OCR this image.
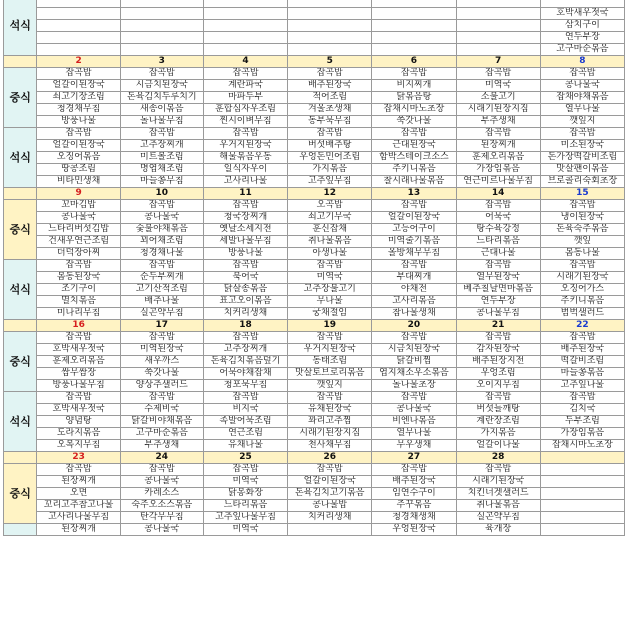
석식							
							호박새우젓국
							삼치구이
							연두부장
							고구마순볶음
	2	3	4	5	6	7	8
중식	잡곡밥	잡곡밥	잡곡밥	잡곡밥	잡곡밥	잡곡밥	잡곡밥
	얼갈이된장국	시금치된장국	계란파국	배추된장국	비지찌개	미역국	콩나물국
	쇠고기장조림	돈육김치두루치기	마파두부	적어조림	닭볶음탕	소불고기	잡채야채볶음
	청경채무침	새송이볶음	훈합심자우조림	겨울초생채	잡채시마노초장	시래기된장지짐	열무나물
	방풍나물	돌나물무침	찐시이벼무침	동부묵무침	쑥갓나물	부추생채	깻잎지
석식	잡곡밥	잡곡밥	잡곡밥	잡곡밥	잡곡밥	잡곡밥	잡곡밥
	얼갈이된장국	고추장찌개	우거지된장국	버섯배추탕	근대된장국	된장찌개	미소된장국
	오징어볶음	미트볼조림	해물볶음우동	우엉돈민어조림	함박스테이크소스	훈제오리볶음	돈가장떡갈비조림
	땅콩조림	명엽채조림	일식자우이	가지볶음	주키니볶음	가장임볶음	맛살팬이볶음
	비타민생채	마늘쫑무침	고사리나물	고추잎무침	찰시래나물볶음	연근미르나물무침	브로콜리숙회초장
	9	10	11	12	13	14	15
중식	꼬마김밥	잡곡밥	잡곡밥	오곡밥	잡곡밥	잡곡밥	잡곡밥
	콩나물국	콩나물국	청국장찌개	쇠고기무국	얼갈이된장국	어묵국	냉이된장국
	느타리버섯김밥	숯불야채볶음	옛날소세지전	훈신잡채	고등어구이	탕수육강정	돈육숙주볶음
	건새우연근조림	꾀어채조림	세발나물무침	취나물볶음	미역줄기볶음	느타리볶음	깻잎
	더덕장아찌	청경채나물	방풍나물	아생나물	올방채무무침	근대나물	봄동나물
석식	잡곡밥	잡곡밥	잡곡밥	잡곡밥	잡곡밥	잡곡밥	잡곡밥
	봄동된장국	순두부찌개	북어국	미역국	부대찌개	열무된장국	시래기된장국
	조기구이	고기산적조림	닭살송볶음	고추장불고기	야채전	베추칠날면마볶음	오징어가스
	멸치볶음	배추나물	표고오이볶음	무나물	고사리볶음	연두부장	주키니볶음
	미나리무침	실곤약무침	치커리생채	궁채절임	참나물생채	콩나물무침	범벅샐러드
	16	17	18	19	20	21	22
중식	잡곡밥	잡곡밥	잡곡밥	잡곡밥	잡곡밥	잡곡밥	잡곡밥
	호박새우젓국	미역된장국	고추장찌개	우거지된장국	시금치된장국	감자된장국	배추된장국
	훈제오리볶음	새우까스	돈육김치볶음덮기	동태조림	닭갈비찜	배추된장지전	떡갈비조림
	쌈무쌈장	쑥갓나물	어묵야채잡채	맛살토브로리볶음	엽지채소우소볶음	우엉조림	마늘쫑볶음
	방풍나물무침	양상추샐러드	청포묵무침	깻잎지	돌나물초장	오이지무침	고추잎나물
석식	잡곡밥	잡곡밥	잡곡밥	잡곡밥	잡곡밥	잡곡밥	잡곡밥
	호박새우젓국	수제비국	비지국	유채된장국	콩나물국	버섯들깨탕	김치국
	양념탕	닭갈비야채볶음	족발어묵조림	꽈리고추찜	비엔나볶음	계란장조림	두부조림
	도라지볶음	고구마순볶음	연근조림	시래기된장지짐	열무나물	가지볶음	가장임볶음
	오복지무침	부추생채	유채나물	천사채무침	무우생채	얼갈이나물	잡채시마노초장
	23	24	25	26	27	28	
중식	잡곡밥	잡곡밥	잡곡밥	잡곡밥	잡곡밥	잡곡밥	
	된장찌개	콩나물국	미역국	얼갈이된장국	배추된장국	시래기된장국	
	오면	카레소스	닭봉화장	돈육김치고기볶음	임연수구이	치킨너겟샐러드	
	꼬리고추참고나물	숙주오소스볶음	느타리볶음	콩나물밥	주꾸볶음	취나물볶음	
	고사리나물무침	탄각무무침	고추잎나물무침	치커리생채	청경채생채	실곤약무침	
	된장찌개	콩나물국	미역국		우엉된장국	육개장	
